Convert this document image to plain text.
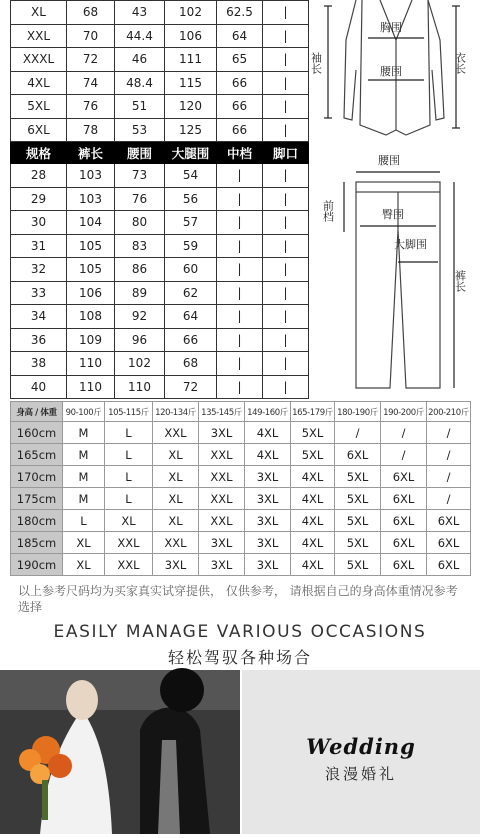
XL	68	43	102	62.5	|
XXL	70	44.4	106	64	|
XXXL	72	46	111	65	|
4XL	74	48.4	115	66	|
5XL	76	51	120	66	|
6XL	78	53	125	66	|
规格	裤长	腰围	大腿围	中档	脚口
28	103	73	54	|	|
29	103	76	56	|	|
30	104	80	57	|	|
31	105	83	59	|	|
32	105	86	60	|	|
33	106	89	62	|	|
34	108	92	64	|	|
36	109	96	66	|	|
38	110	102	68	|	|
40	110	110	72	|	|
胸围
腰围
袖长	衣长
腰围
前档	臀围
大脚围
裤长
身高 / 体重	90-100斤	105-115斤	120-134斤	135-145斤	149-160斤	165-179斤	180-190斤	190-200斤	200-210斤
160cm	M	L	XXL	3XL	4XL	5XL	/	/	/
165cm	M	L	XL	XXL	4XL	5XL	6XL	/	/
170cm	M	L	XL	XXL	3XL	4XL	5XL	6XL	/
175cm	M	L	XL	XXL	3XL	4XL	5XL	6XL	/
180cm	L	XL	XL	XXL	3XL	4XL	5XL	6XL	6XL
185cm	XL	XXL	XXL	3XL	3XL	4XL	5XL	6XL	6XL
190cm	XL	XXL	3XL	3XL	3XL	4XL	5XL	6XL	6XL
以上参考尺码均为买家真实试穿提供， 仅供参考， 请根据自己的身高体重情况参考选择
EASILY MANAGE VARIOUS OCCASIONS
轻松驾驭各种场合
Wedding
浪漫婚礼
